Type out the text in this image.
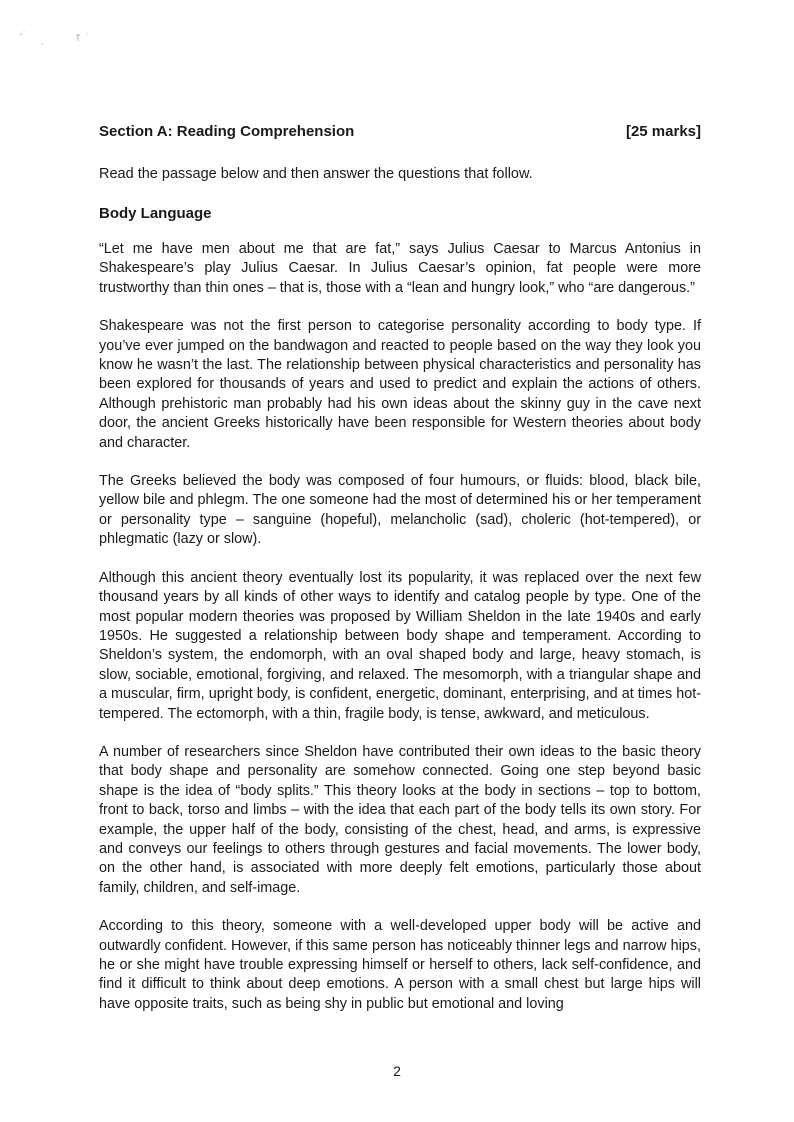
Section A: Reading Comprehension	[25 marks]
Read the passage below and then answer the questions that follow.
Body Language

“Let me have men about me that are fat,” says Julius Caesar to Marcus Antonius in Shakespeare’s play Julius Caesar. In Julius Caesar’s opinion, fat people were more trustworthy than thin ones – that is, those with a “lean and hungry look,” who “are dangerous.”

Shakespeare was not the first person to categorise personality according to body type. If you’ve ever jumped on the bandwagon and reacted to people based on the way they look you know he wasn’t the last. The relationship between physical characteristics and personality has been explored for thousands of years and used to predict and explain the actions of others. Although prehistoric man probably had his own ideas about the skinny guy in the cave next door, the ancient Greeks historically have been responsible for Western theories about body and character.

The Greeks believed the body was composed of four humours, or fluids: blood, black bile, yellow bile and phlegm. The one someone had the most of determined his or her temperament or personality type – sanguine (hopeful), melancholic (sad), choleric (hot-tempered), or phlegmatic (lazy or slow).

Although this ancient theory eventually lost its popularity, it was replaced over the next few thousand years by all kinds of other ways to identify and catalog people by type. One of the most popular modern theories was proposed by William Sheldon in the late 1940s and early 1950s. He suggested a relationship between body shape and temperament. According to Sheldon’s system, the endomorph, with an oval shaped body and large, heavy stomach, is slow, sociable, emotional, forgiving, and relaxed. The mesomorph, with a triangular shape and a muscular, firm, upright body, is confident, energetic, dominant, enterprising, and at times hot-tempered. The ectomorph, with a thin, fragile body, is tense, awkward, and meticulous.

A number of researchers since Sheldon have contributed their own ideas to the basic theory that body shape and personality are somehow connected. Going one step beyond basic shape is the idea of “body splits.” This theory looks at the body in sections – top to bottom, front to back, torso and limbs – with the idea that each part of the body tells its own story. For example, the upper half of the body, consisting of the chest, head, and arms, is expressive and conveys our feelings to others through gestures and facial movements. The lower body, on the other hand, is associated with more deeply felt emotions, particularly those about family, children, and self-image.

According to this theory, someone with a well-developed upper body will be active and outwardly confident. However, if this same person has noticeably thinner legs and narrow hips, he or she might have trouble expressing himself or herself to others, lack self-confidence, and find it difficult to think about deep emotions. A person with a small chest but large hips will have opposite traits, such as being shy in public but emotional and loving

2
